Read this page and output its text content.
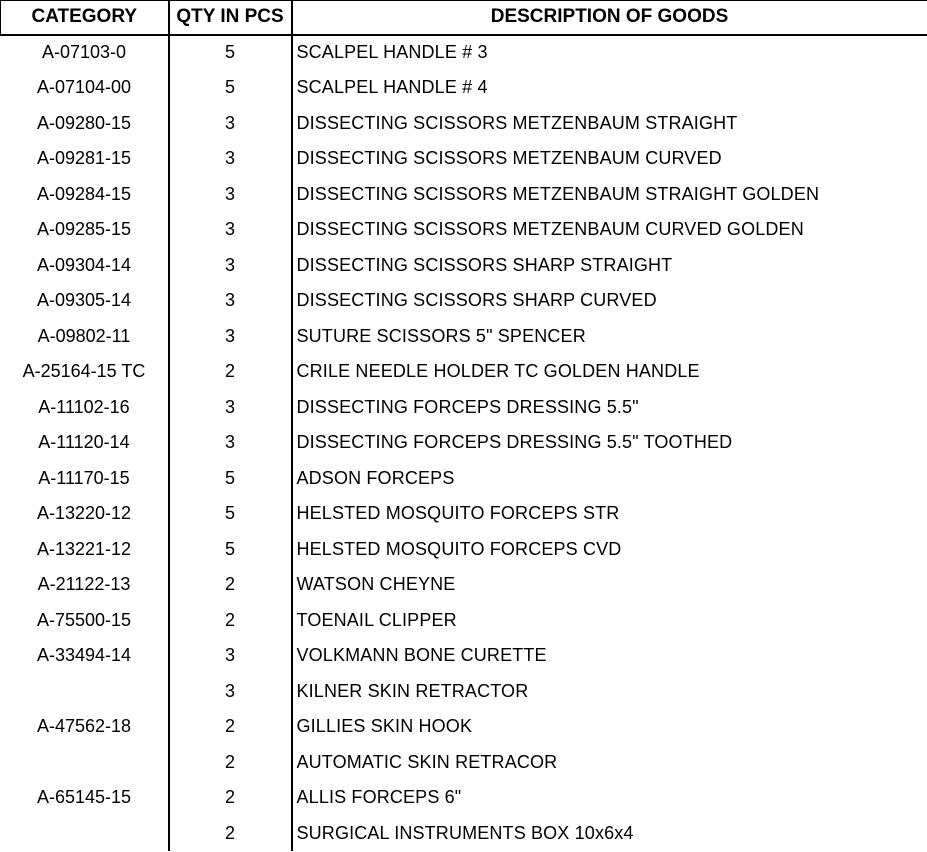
CATEGORY	QTY IN PCS	DESCRIPTION OF GOODS
A-07103-0	5	SCALPEL HANDLE # 3
A-07104-00	5	SCALPEL HANDLE # 4
A-09280-15	3	DISSECTING SCISSORS METZENBAUM STRAIGHT
A-09281-15	3	DISSECTING SCISSORS METZENBAUM CURVED
A-09284-15	3	DISSECTING SCISSORS METZENBAUM STRAIGHT GOLDEN
A-09285-15	3	DISSECTING SCISSORS METZENBAUM CURVED GOLDEN
A-09304-14	3	DISSECTING SCISSORS SHARP STRAIGHT
A-09305-14	3	DISSECTING SCISSORS SHARP CURVED
A-09802-11	3	SUTURE SCISSORS 5" SPENCER
A-25164-15 TC	2	CRILE NEEDLE HOLDER TC GOLDEN HANDLE
A-11102-16	3	DISSECTING FORCEPS DRESSING 5.5"
A-11120-14	3	DISSECTING FORCEPS DRESSING 5.5" TOOTHED
A-11170-15	5	ADSON FORCEPS
A-13220-12	5	HELSTED MOSQUITO FORCEPS STR
A-13221-12	5	HELSTED MOSQUITO FORCEPS CVD
A-21122-13	2	WATSON CHEYNE
A-75500-15	2	TOENAIL CLIPPER
A-33494-14	3	VOLKMANN BONE CURETTE
	3	KILNER SKIN RETRACTOR
A-47562-18	2	GILLIES SKIN HOOK
	2	AUTOMATIC SKIN RETRACOR
A-65145-15	2	ALLIS FORCEPS 6"
	2	SURGICAL INSTRUMENTS BOX 10x6x4
